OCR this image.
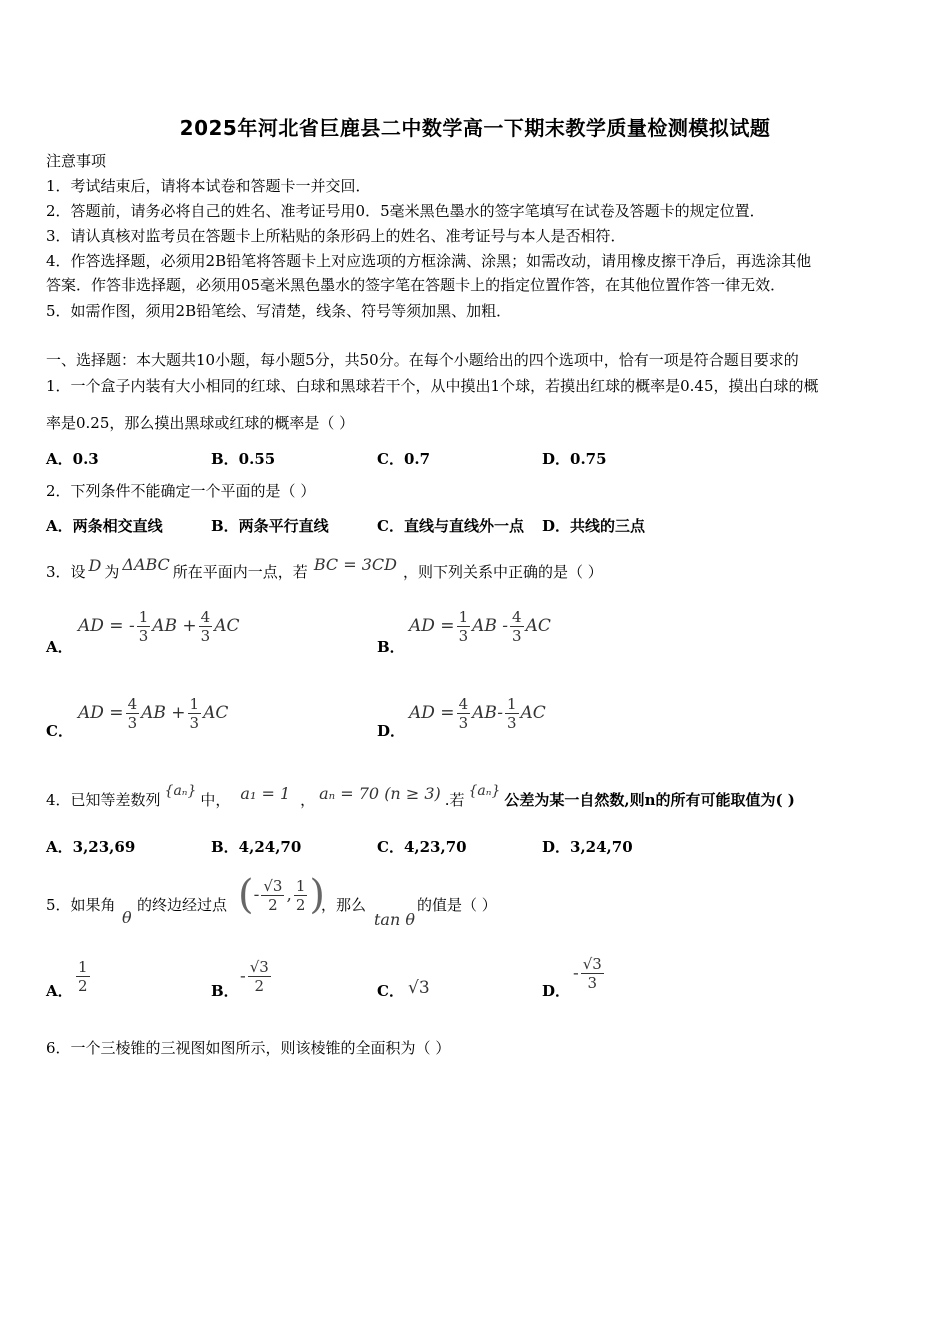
2025年河北省巨鹿县二中数学高一下期末教学质量检测模拟试题
注意事项
1．考试结束后，请将本试卷和答题卡一并交回．
2．答题前，请务必将自己的姓名、准考证号用0．5毫米黑色墨水的签字笔填写在试卷及答题卡的规定位置．
3．请认真核对监考员在答题卡上所粘贴的条形码上的姓名、准考证号与本人是否相符．
4．作答选择题，必须用2B铅笔将答题卡上对应选项的方框涂满、涂黑；如需改动，请用橡皮擦干净后，再选涂其他
答案．作答非选择题，必须用05毫米黑色墨水的签字笔在答题卡上的指定位置作答，在其他位置作答一律无效．
5．如需作图，须用2B铅笔绘、写清楚，线条、符号等须加黑、加粗．
一、选择题：本大题共10小题，每小题5分，共50分。在每个小题给出的四个选项中，恰有一项是符合题目要求的
1．一个盒子内装有大小相同的红球、白球和黑球若干个，从中摸出1个球，若摸出红球的概率是0.45，摸出白球的概
率是0.25，那么摸出黑球或红球的概率是（ ）
A．0.3	B．0.55	C．0.7	D．0.75
2．下列条件不能确定一个平面的是（ ）
A．两条相交直线	B．两条平行直线	C．直线与直线外一点 D．共线的三点
3．设 D 为 ΔABC 所在平面内一点，若 BC = 3CD ，则下列关系中正确的是（ ）
A．
AD = - $\frac{1}{3}$ AB + $\frac{4}{3}$ AC
B．
AD = $\frac{1}{3}$ AB - $\frac{4}{3}$ AC
C．
AD = $\frac{4}{3}$ AB + $\frac{1}{3}$ AC
D．
AD = $\frac{4}{3} AB- \frac{1}{3}$ AC
4．已知等差数列 {aₙ} 中， a₁ = 1 ， aₙ = 70 (n ≥ 3) .若 {aₙ} 公差为某一自然数,则n的所有可能取值为( )
A．3,23,69	B．4,24,70	C．4,23,70	D．3,24,70
5．如果角
θ
的终边经过点 (- $\frac{√3}{2}$ , $\frac{1}{2}$ )
，那么
tan θ
的值是（ ）
A． $\frac{1}{2}$	B．
- $\frac{√3}{2}$	C． √3	D．
- $\frac{√3}{3}$
6．一个三棱锥的三视图如图所示，则该棱锥的全面积为（ ）
